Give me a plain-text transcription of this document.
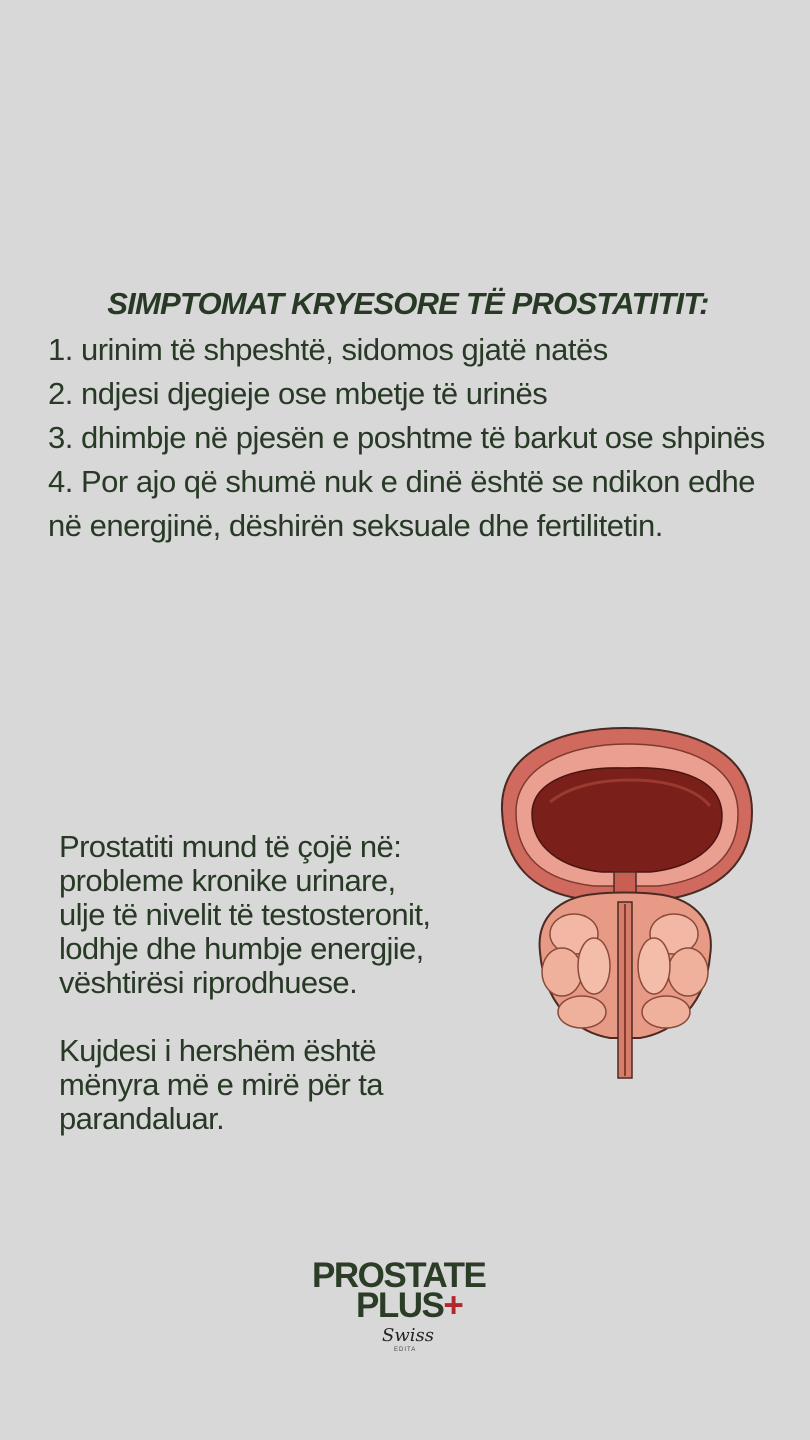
SIMPTOMAT KRYESORE TË PROSTATITIT:
1. urinim të shpeshtë, sidomos gjatë natës
2. ndjesi djegieje ose mbetje të urinës
3. dhimbje në pjesën e poshtme të barkut ose shpinës
4. Por ajo që shumë nuk e dinë është se ndikon edhe në energjinë, dëshirën seksuale dhe fertilitetin.
Prostatiti mund të çojë në:
probleme kronike urinare,
ulje të nivelit të testosteronit,
lodhje dhe humbje energjie,
vështirësi riprodhuese.
Kujdesi i hershëm është
mënyra më e mirë për ta
parandaluar.
PROSTATE
PLUS+
Swiss
EDITA
